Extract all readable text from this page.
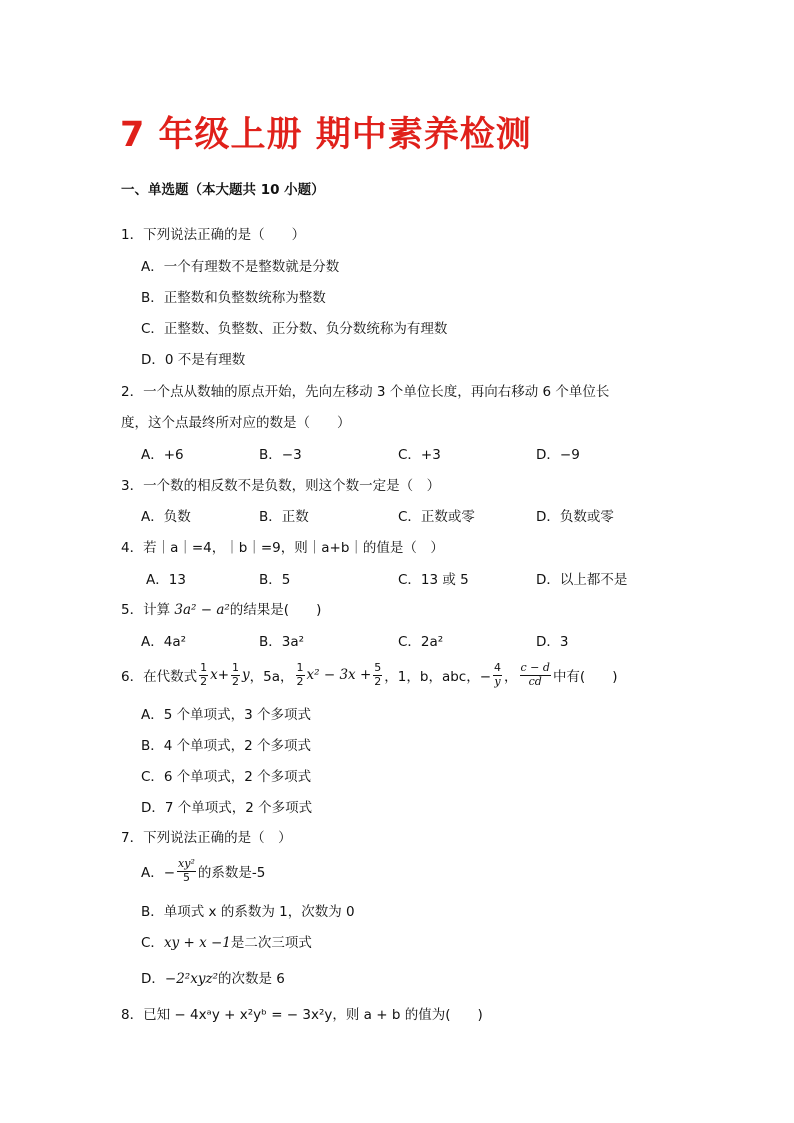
7 年级上册 期中素养检测
一、单选题（本大题共 10 小题）
1．下列说法正确的是（　　）
A．一个有理数不是整数就是分数
B．正整数和负整数统称为整数
C．正整数、负整数、正分数、负分数统称为有理数
D．0 不是有理数
2．一个点从数轴的原点开始，先向左移动 3 个单位长度，再向右移动 6 个单位长
度，这个点最终所对应的数是（　　）
A．+6	B．−3	C．+3	D．−9
3．一个数的相反数不是负数，则这个数一定是（　）
A．负数	B．正数	C．正数或零	D．负数或零
4．若｜a｜=4，｜b｜=9，则｜a+b｜的值是（　）
A．13	B．5	C．13 或 5	D．以上都不是
5．计算 3a² − a²的结果是(　　)
A．4a²	B．3a²	C．2a²	D．3
6．在代数式 $\frac{1}{2}$ $x + \frac{1}{2}$ y ，5a， $\frac{1}{2} x^2 - 3x + \frac{5}{2}$ ，1，b，abc，− $\frac{4}{y}$ ， $\frac{c - d}{cd}$ 中有(　　)
A．5 个单项式，3 个多项式
B．4 个单项式，2 个多项式
C．6 个单项式，2 个多项式
D．7 个单项式，2 个多项式
7．下列说法正确的是（　）
A．− $\frac{\text{xy²}}{5}$ 的系数是-5
B．单项式 x 的系数为 1，次数为 0
C．xy + x −1是二次三项式
D．−2²xyz²的次数是 6
8．已知 − 4xᵃy + x²yᵇ = − 3x²y，则 a + b 的值为(　　)
